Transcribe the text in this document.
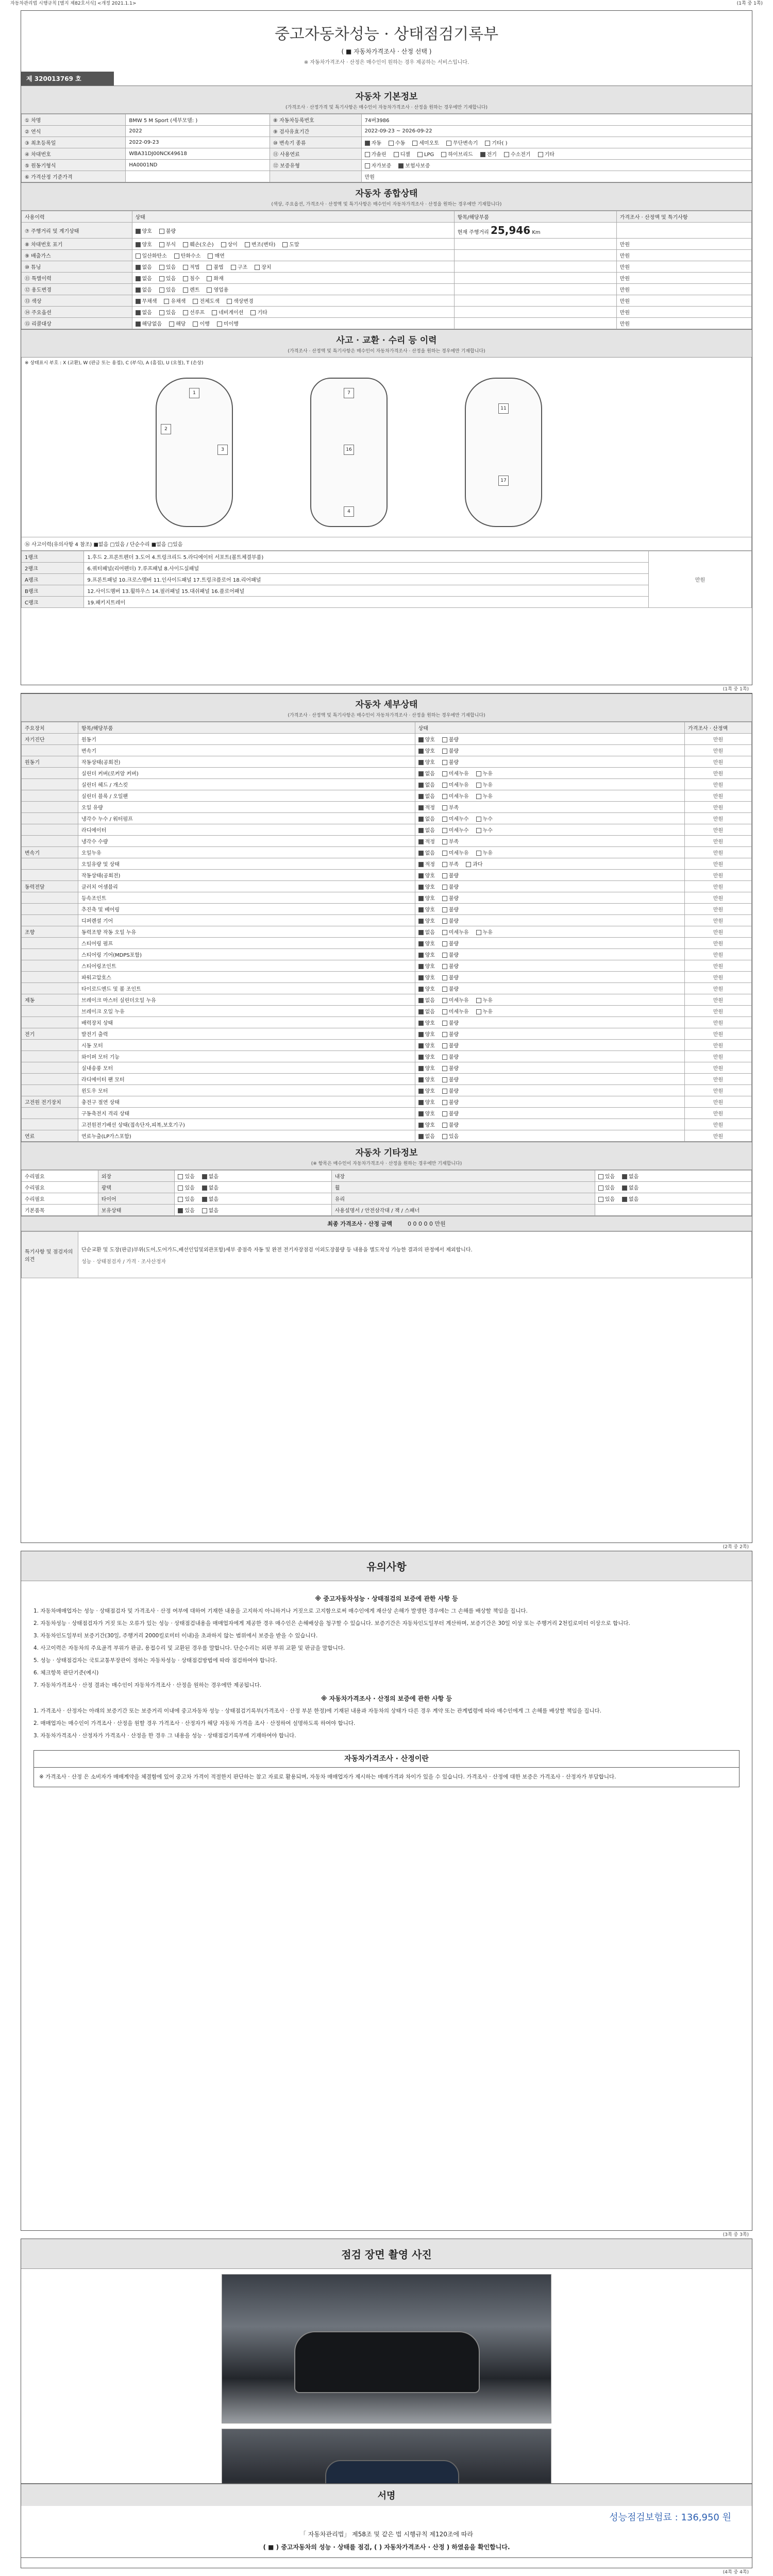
자동차관리법 시행규칙 [별지 제82호서식] <개정 2021.1.1>	(1쪽 중 1쪽)
중고자동차성능 · 상태점검기록부
( ■ 자동차가격조사 · 산정 선택 )
※ 자동차가격조사 · 산정은 매수인이 원하는 경우 제공하는 서비스입니다.
제 320013769 호
자동차 기본정보
(가격조사 · 산정가격 및 특기사항은 매수인이 자동차가격조사 · 산정을 원하는 경우에만 기재합니다)
① 차명	BMW 5 M Sport (세부모델: )	⑧ 자동차등록번호	74버3986
② 연식	2022	⑨ 검사유효기간	2022-09-23 ~ 2026-09-22
③ 최초등록일	2022-09-23	⑩ 변속기 종류	자동 수동 세미오토 무단변속기 기타( )
④ 차대번호	WBA31DJ00NCK49618	⑪ 사용연료	가솔린 디젤 LPG 하이브리드 전기 수소전기 기타
⑤ 원동기형식	HA0001ND	⑫ 보증유형	자가보증 보험사보증
⑥ 가격산정 기준가격			만원
자동차 종합상태
(색상, 주요옵션, 가격조사 · 산정액 및 특기사항은 매수인이 자동차가격조사 · 산정을 원하는 경우에만 기재합니다)
사용이력	상태	항목/해당부품	가격조사 · 산정액 및 특기사항
⑦ 주행거리 및 계기상태	양호 불량	현재 주행거리 25,946 Km	
⑧ 차대번호 표기	양호 부식 훼손(오손) 상이 변조(변타) 도말		만원
⑨ 배출가스	일산화탄소 탄화수소 매연		만원
⑩ 튜닝	없음 있음 적법 불법 구조 장치		만원
⑪ 특별이력	없음 있음 침수 화재		만원
⑫ 용도변경	없음 있음 렌트 영업용		만원
⑬ 색상	무채색 유채색 전체도색 색상변경		만원
⑭ 주요옵션	없음 있음 선루프 네비게이션 기타		만원
⑮ 리콜대상	해당없음 해당 이행 미이행		만원
사고 · 교환 · 수리 등 이력
(가격조사 · 산정액 및 특기사항은 매수인이 자동차가격조사 · 산정을 원하는 경우에만 기재합니다)
※ 상태표시 부호 : X (교환), W (판금 또는 용접), C (부식), A (흠집), U (요철), T (손상)
1
2
3
7
16
4
11
17
⑯ 사고이력(유의사항 4 참조) ■없음 □있음 / 단순수리 ■없음 □있음
1랭크	1.후드 2.프론트펜더 3.도어 4.트렁크리드 5.라디에이터 서포트(볼트체결부품)	만원
2랭크	6.쿼터패널(리어펜더) 7.루프패널 8.사이드실패널	
A랭크	9.프론트패널 10.크로스멤버 11.인사이드패널 17.트렁크플로어 18.리어패널	
B랭크	12.사이드멤버 13.휠하우스 14.필러패널 15.대쉬패널 16.플로어패널	
C랭크	19.패키지트레이	
(1쪽 중 1쪽)
자동차 세부상태
(가격조사 · 산정액 및 특기사항은 매수인이 자동차가격조사 · 산정을 원하는 경우에만 기재합니다)
주요장치	항목/해당부품	상태	가격조사 · 산정액
자기진단	원동기	양호 불량	만원
	변속기	양호 불량	만원
원동기	작동상태(공회전)	양호 불량	만원
	실린더 커버(로커암 커버)	없음 미세누유 누유	만원
	실린더 헤드 / 개스킷	없음 미세누유 누유	만원
	실린더 블록 / 오일팬	없음 미세누유 누유	만원
	오일 유량	적정 부족	만원
	냉각수 누수 / 워터펌프	없음 미세누수 누수	만원
	라디에이터	없음 미세누수 누수	만원
	냉각수 수량	적정 부족	만원
변속기	오일누유	없음 미세누유 누유	만원
	오일유량 및 상태	적정 부족 과다	만원
	작동상태(공회전)	양호 불량	만원
동력전달	클러치 어셈블리	양호 불량	만원
	등속조인트	양호 불량	만원
	추진축 및 베어링	양호 불량	만원
	디퍼렌셜 기어	양호 불량	만원
조향	동력조향 작동 오일 누유	없음 미세누유 누유	만원
	스티어링 펌프	양호 불량	만원
	스티어링 기어(MDPS포함)	양호 불량	만원
	스티어링조인트	양호 불량	만원
	파워고압호스	양호 불량	만원
	타이로드엔드 및 볼 조인트	양호 불량	만원
제동	브레이크 마스터 실린더오일 누유	없음 미세누유 누유	만원
	브레이크 오일 누유	없음 미세누유 누유	만원
	배력장치 상태	양호 불량	만원
전기	발전기 출력	양호 불량	만원
	시동 모터	양호 불량	만원
	와이퍼 모터 기능	양호 불량	만원
	실내송풍 모터	양호 불량	만원
	라디에이터 팬 모터	양호 불량	만원
	윈도우 모터	양호 불량	만원
고전원 전기장치	충전구 절연 상태	양호 불량	만원
	구동축전지 격리 상태	양호 불량	만원
	고전원전기배선 상태(접속단자,피복,보호기구)	양호 불량	만원
연료	연료누출(LP가스포함)	없음 있음	만원
자동차 기타정보
(※ 항목은 매수인이 자동차가격조사 · 산정을 원하는 경우에만 기재합니다)
수리필요	외장	있음 없음	내장	있음 없음
수리필요	광택	있음 없음	휠	있음 없음
수리필요	타이어	있음 없음	유리	있음 없음
기본품목	보유상태	있음 없음	사용설명서 / 안전삼각대 / 잭 / 스패너	
최종 가격조사 · 산정 금액	0 0 0 0 0 만원
특기사항 및 점검자의 의견	
단순교환 및 도장(판금)부위(도어,도어가드,배선인입및외관포함)세부 중점즉 자동 및 완전 전기자장점검 이외도장불량 등 내용을 별도작성 가능한 결과의 판정에서 제외합니다.
성능 · 상태점검자 / 가격 · 조사산정자
(2쪽 중 2쪽)
유의사항
※ 중고자동차성능 · 상태점검의 보증에 관한 사항 등

1. 자동차매매업자는 성능 · 상태점검자 및 가격조사 · 산정 여부에 대하여 기재한 내용을 고지하지 아니하거나 거짓으로 고지함으로써 매수인에게 재산상 손해가 발생한 경우에는 그 손해를 배상할 책임을 집니다.

2. 자동차성능 · 상태점검자가 거짓 또는 오류가 있는 성능 · 상태점검내용을 매매업자에게 제공한 경우 매수인은 손해배상을 청구할 수 있습니다. 보증기간은 자동차인도일부터 계산하며, 보증기간은 30일 이상 또는 주행거리 2천킬로미터 이상으로 합니다.

3. 자동차인도일부터 보증기간(30일, 주행거리 2000킬로미터 이내)을 초과하지 않는 범위에서 보증을 받을 수 있습니다.

4. 사고이력은 자동차의 주요골격 부위가 판금, 용접수리 및 교환된 경우를 말합니다. 단순수리는 외판 부위 교환 및 판금을 말합니다.

5. 성능 · 상태점검자는 국토교통부장관이 정하는 자동차성능 · 상태점검방법에 따라 점검하여야 합니다.

6. 체크항목 판단기준(예시)

7. 자동차가격조사 · 산정 결과는 매수인이 자동차가격조사 · 산정을 원하는 경우에만 제공됩니다.

※ 자동차가격조사 · 산정의 보증에 관한 사항 등

1. 가격조사 · 산정자는 아래의 보증기간 또는 보증거리 이내에 중고자동차 성능 · 상태점검기록부(가격조사 · 산정 부분 한정)에 기재된 내용과 자동차의 상태가 다른 경우 계약 또는 관계법령에 따라 매수인에게 그 손해를 배상할 책임을 집니다.

2. 매매업자는 매수인이 가격조사 · 산정을 원할 경우 가격조사 · 산정자가 해당 자동차 가격을 조사 · 산정하여 설명하도록 하여야 합니다.

3. 자동차가격조사 · 산정자가 가격조사 · 산정을 한 경우 그 내용을 성능 · 상태점검기록부에 기재하여야 합니다.

자동차가격조사 · 산정이란
※ 가격조사 · 산정 은 소비자가 매매계약을 체결함에 있어 중고차 가격이 적절한지 판단하는 참고 자료로 활용되며, 자동차 매매업자가 제시하는 매매가격과 차이가 있을 수 있습니다. 가격조사 · 산정에 대한 보증은 가격조사 · 산정자가 부담합니다.
(3쪽 중 3쪽)
점검 장면 촬영 사진
(4쪽 중 4쪽)
서명
성능점검보험료 : 136,950 원
「 자동차관리법」 제58조 및 같은 법 시행규칙 제120조에 따라
( ■ ) 중고자동차의 성능 · 상태를 점검, ( ) 자동차가격조사 · 산정 ) 하였음을 확인합니다.
